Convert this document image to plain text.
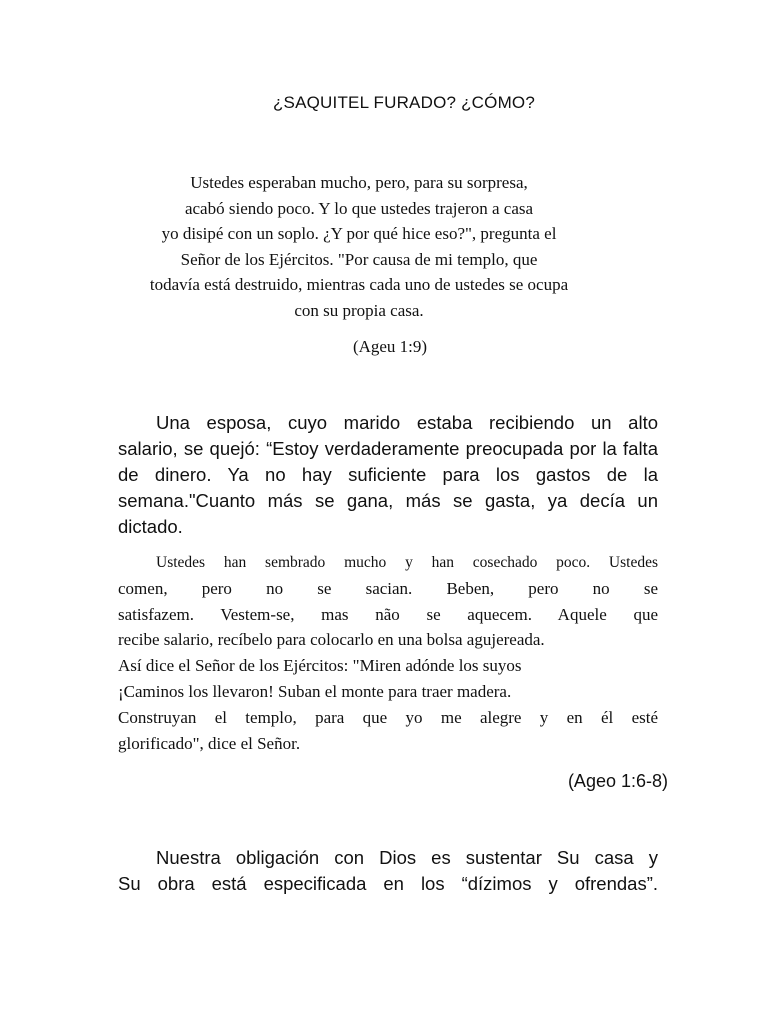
¿SAQUITEL FURADO? ¿CÓMO?
Ustedes esperaban mucho, pero, para su sorpresa,
acabó siendo poco. Y lo que ustedes trajeron a casa
yo disipé con un soplo. ¿Y por qué hice eso?", pregunta el
Señor de los Ejércitos. "Por causa de mi templo, que
todavía está destruido, mientras cada uno de ustedes se ocupa
con su propia casa.
(Ageu 1:9)
Una esposa, cuyo marido estaba recibiendo un alto
salario, se quejó: “Estoy verdaderamente preocupada por la falta
de dinero. Ya no hay suficiente para los gastos de la
semana."Cuanto más se gana, más se gasta, ya decía un
dictado.
Ustedes han sembrado mucho y han cosechado poco. Ustedes
comen, pero no se sacian. Beben, pero no se
satisfazem. Vestem-se, mas não se aquecem. Aquele que
recibe salario, recíbelo para colocarlo en una bolsa agujereada.
Así dice el Señor de los Ejércitos: "Miren adónde los suyos
¡Caminos los llevaron! Suban el monte para traer madera.
Construyan el templo, para que yo me alegre y en él esté
glorificado", dice el Señor.
(Ageo 1:6-8)
Nuestra obligación con Dios es sustentar Su casa y
Su obra está especificada en los “dízimos y ofrendas”.
